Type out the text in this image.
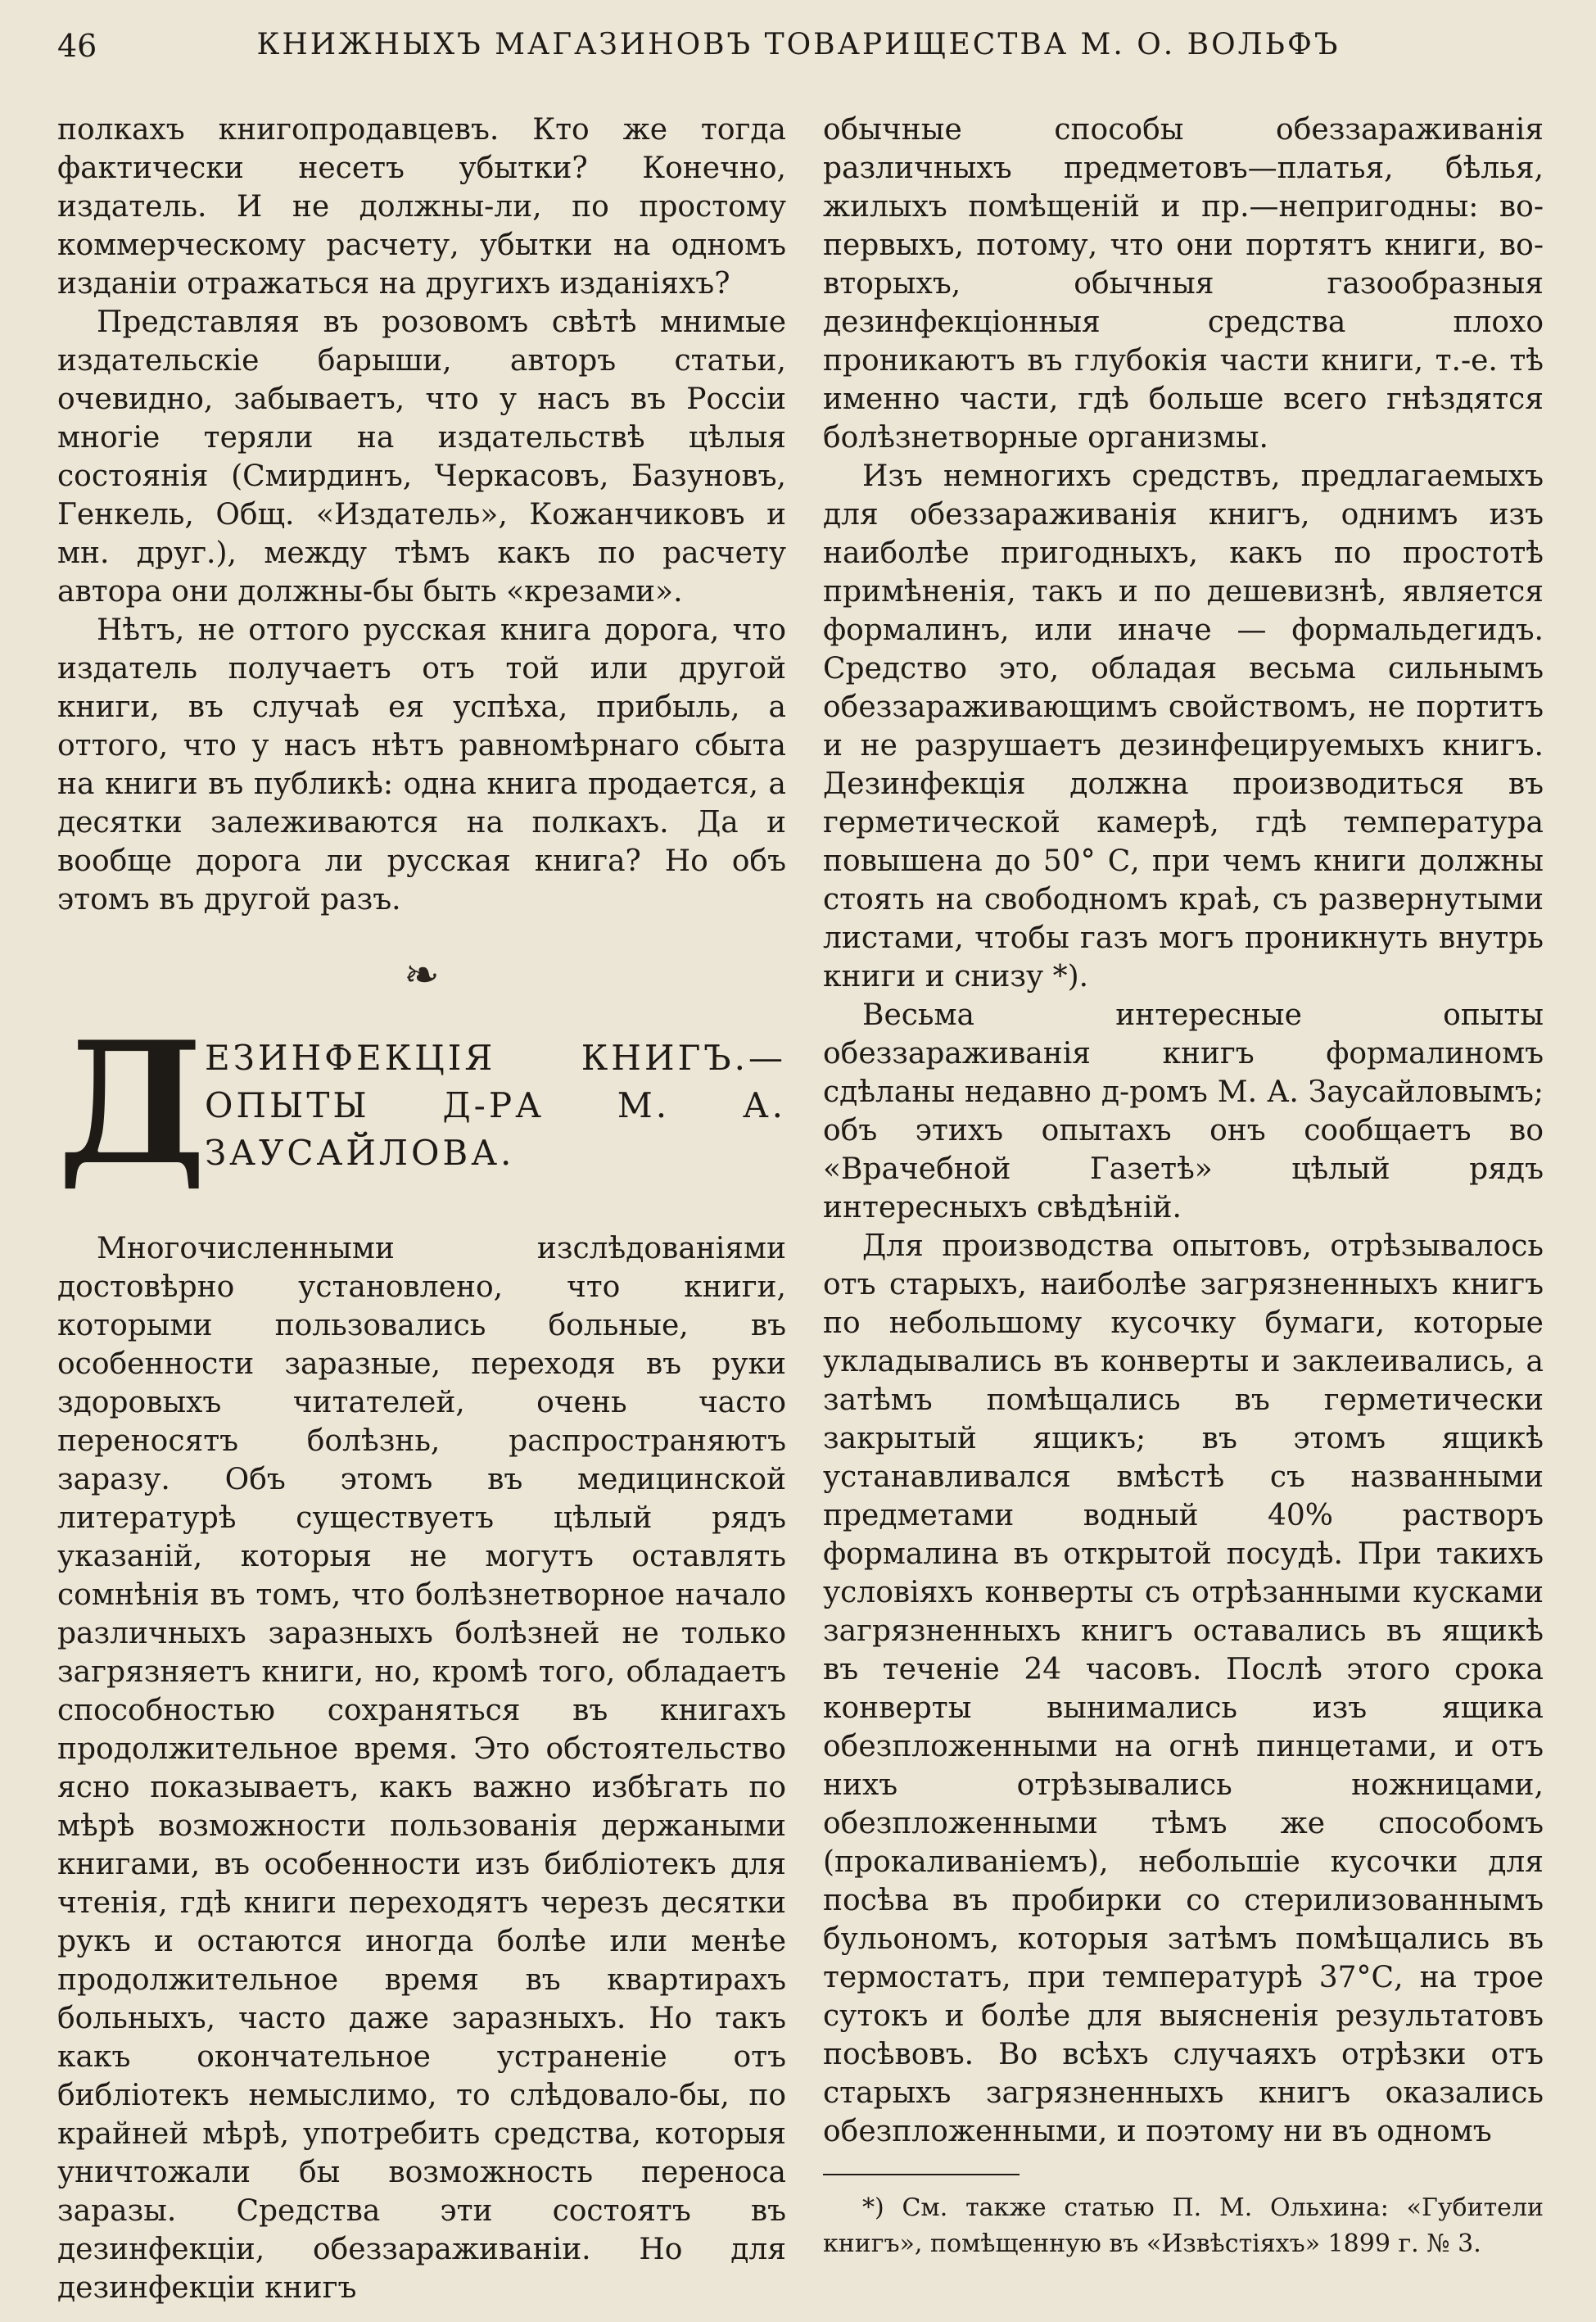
46	КНИЖНЫХЪ МАГАЗИНОВЪ ТОВАРИЩЕСТВА М. О. ВОЛЬФЪ

полкахъ книгопродавцевъ. Кто же тогда фактически несетъ убытки? Конечно, издатель. И не должны-ли, по простому коммерческому расчету, убытки на одномъ изданіи отражаться на другихъ изданіяхъ?

Представляя въ розовомъ свѣтѣ мнимые издательскіе барыши, авторъ статьи, очевидно, забываетъ, что у насъ въ Россіи многіе теряли на издательствѣ цѣлыя состоянія (Смирдинъ, Черкасовъ, Базуновъ, Генкель, Общ. «Издатель», Кожанчиковъ и мн. друг.), между тѣмъ какъ по расчету автора они должны-бы быть «крезами».

Нѣтъ, не оттого русская книга дорога, что издатель получаетъ отъ той или другой книги, въ случаѣ ея успѣха, прибыль, а оттого, что у насъ нѣтъ равномѣрнаго сбыта на книги въ публикѣ: одна книга продается, а десятки залеживаются на полкахъ. Да и вообще дорога ли русская книга? Но объ этомъ въ другой разъ.

❧
Д
ЕЗИНФЕКЦІЯ КНИГЪ.—ОПЫТЫ Д-РА М. А. ЗАУСАЙЛОВА.

Многочисленными изслѣдованіями достовѣрно установлено, что книги, которыми пользовались больные, въ особенности заразные, переходя въ руки здоровыхъ читателей, очень часто переносятъ болѣзнь, распространяютъ заразу. Объ этомъ въ медицинской литературѣ существуетъ цѣлый рядъ указаній, которыя не могутъ оставлять сомнѣнія въ томъ, что болѣзнетворное начало различныхъ заразныхъ болѣзней не только загрязняетъ книги, но, кромѣ того, обладаетъ способностью сохраняться въ книгахъ продолжительное время. Это обстоятельство ясно показываетъ, какъ важно избѣгать по мѣрѣ возможности пользованія держаными книгами, въ особенности изъ библіотекъ для чтенія, гдѣ книги переходятъ черезъ десятки рукъ и остаются иногда болѣе или менѣе продолжительное время въ квартирахъ больныхъ, часто даже заразныхъ. Но такъ какъ окончательное устраненіе отъ библіотекъ немыслимо, то слѣдовало-бы, по крайней мѣрѣ, употребить средства, которыя уничтожали бы возможность переноса заразы. Средства эти состоятъ въ дезинфекціи, обеззараживаніи. Но для дезинфекціи книгъ

обычные способы обеззараживанія различныхъ предметовъ—платья, бѣлья, жилыхъ помѣщеній и пр.—непригодны: во-первыхъ, потому, что они портятъ книги, во-вторыхъ, обычныя газообразныя дезинфекціонныя средства плохо проникаютъ въ глубокія части книги, т.-е. тѣ именно части, гдѣ больше всего гнѣздятся болѣзнетворные организмы.

Изъ немногихъ средствъ, предлагаемыхъ для обеззараживанія книгъ, однимъ изъ наиболѣе пригодныхъ, какъ по простотѣ примѣненія, такъ и по дешевизнѣ, является формалинъ, или иначе — формальдегидъ. Средство это, обладая весьма сильнымъ обеззараживающимъ свойствомъ, не портитъ и не разрушаетъ дезинфецируемыхъ книгъ. Дезинфекція должна производиться въ герметической камерѣ, гдѣ температура повышена до 50° С, при чемъ книги должны стоять на свободномъ краѣ, съ развернутыми листами, чтобы газъ могъ проникнуть внутрь книги и снизу *).

Весьма интересные опыты обеззараживанія книгъ формалиномъ сдѣланы недавно д-ромъ М. А. Заусайловымъ; объ этихъ опытахъ онъ сообщаетъ во «Врачебной Газетѣ» цѣлый рядъ интересныхъ свѣдѣній.

Для производства опытовъ, отрѣзывалось отъ старыхъ, наиболѣе загрязненныхъ книгъ по небольшому кусочку бумаги, которые укладывались въ конверты и заклеивались, а затѣмъ помѣщались въ герметически закрытый ящикъ; въ этомъ ящикѣ устанавливался вмѣстѣ съ названными предметами водный 40% растворъ формалина въ открытой посудѣ. При такихъ условіяхъ конверты съ отрѣзанными кусками загрязненныхъ книгъ оставались въ ящикѣ въ теченіе 24 часовъ. Послѣ этого срока конверты вынимались изъ ящика обезпложенными на огнѣ пинцетами, и отъ нихъ отрѣзывались ножницами, обезпложенными тѣмъ же способомъ (прокаливаніемъ), небольшіе кусочки для посѣва въ пробирки со стерилизованнымъ бульономъ, которыя затѣмъ помѣщались въ термостатъ, при температурѣ 37°С, на трое сутокъ и болѣе для выясненія результатовъ посѣвовъ. Во всѣхъ случаяхъ отрѣзки отъ старыхъ загрязненныхъ книгъ оказались обезпложенными, и поэтому ни въ одномъ

*) См. также статью П. М. Ольхина: «Губители книгъ», помѣщенную въ «Извѣстіяхъ» 1899 г. № 3.
